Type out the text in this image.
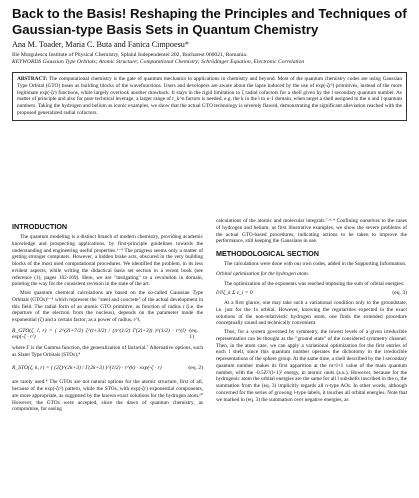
Back to the Basis! Reshaping the Principles and Techniques of Gaussian-type Basis Sets in Quantum Chemistry
Ana M. Toader, Maria C. Buta and Fanica Cimpoesu*
Ilie Murgulescu Institute of Physical Chemistry, Splaiul Independentei 202, Bucharest 060021, Romania.
KEYWORDS Gaussian Type Orbitals; Atomic Structure; Computational Chemistry; Schrödinger Equation, Electronic Correlation
ABSTRACT: The computational chemistry is the gate of quantum mechanics to applications in chemistry and beyond. Most of the quantum chemistry codes are using Gaussian Type Orbital (GTO) bases as building blocks of the wavefunctions. Users and developers are aware about the lapse induced by the use of exp(-ζr²) primitives, instead of the more legitimate exp(-ζr) functions, while largely overlook another drawback. It stays in the rigid limitation to ζ radial cofactors for a shell given by the l secondary quantum number. As matter of principle and also for pure technical leverage, a larger range of r_k^n factors is needed, e.g. the k in the l to n-1 domain, when target a shell assigned to the n and l quantum numbers. Taking the hydrogen and helium as iconic examples, we show that the actual GTO technology is severely flawed, demonstrating the significant alleviation reached with the proposed generalized radial cofactors.
INTRODUCTION
The quantum modeling is a distinct branch of modern chemistry, providing academic knowledge and prospecting applications, by first-principle guidelines towards the understanding and engineering useful properties.¹⁻⁴ The progress seems only a matter of getting stronger computers. However, a hidden brake acts, obscured in the very building blocks of the most used computational procedures. We identified the problem, in its less evident aspects, while writing the didactical basis set section in a recent book (see reference (1), pages 162-169). Here, we are "instigating" to a revolution in domain, pointing the way for the consistent revision in the state of the art.
Most quantum chemical calculations are based on the so-called Gaussian Type Orbitals (GTOs)⁵⁻⁸ which represent the "steel and concrete" of the actual development in this field. The radial form of an atomic GTO primitive, as function of radius r (i.e. the departure of the electron from the nucleus), depends on the parameter mode the exponential (ζ) and a certain factor, as a power of radius, r^l,
R_GTO(ζ, l, r) = ( 2^(2l+7/2) ζ^(l+3/2) / (π^(1/2) Γ(2l+3)) )^(1/2) · r^(l) · exp(-ζ · r²)
(eq. 1)
where Γ is the Gamma function, the generalization of factorial.⁷ Alternative options, such as Slater Type Orbitals (STOs),⁸
R_STO(ζ, k, r) = ( (2ζ)^(2k+3) / Γ(2k+3) )^(1/2) · r^(k) · exp(-ζ · r)	(eq. 2)
are rarely used.⁸ The GTOs are not natural options for the atomic structure, first of all, because of the exp(-ζr²) pattern, while the STOs, with exp(-ζr) exponential components, are more appropriate, as suggested by the known exact solutions for the hydrogen atom.¹⁰ However, the GTOs were accepted, since the dawn of quantum chemistry, as compromise, for easing
calculations of the atomic and molecular integrals.⁷·⁸·⁹ Confining ourselves to the cases of hydrogen and helium, as first illustrative examples, we show the severe problems of the actual GTO-based procedures, indicating actions to be taken to improve the performance, still keeping the Gaussians in use.
METHODOLOGICAL SECTION
The calculations were done with our own codes, added in the Supporting Information.
Orbital optimization for the hydrogen atom.
The optimization of the exponents was reached imposing the sum of orbital energies:
∂/∂ζ_k Σ ε_i = 0	(eq. 3)
At a first glance, one may take such a variational condition only to the groundstate, i.e. just for the 1s orbital. However, knowing the regularities expected in the exact solutions of the non-relativistic hydrogen atom, one finds the extended procedure conceptually sound and technically convenient.
Thus, for a system governed by symmetry, the lowest levels of a given irreducible representation can be thought as the "ground state" of the considered symmetry channel. Then, in the atom case, we can apply a variational optimization for the first entries of each l shell, since this quantum number operates the dichotomy in the irreducible representations of the sphere group. At the same time, a shell described by the l secondary quantum number makes its first apparition at the m=l+1 value of the main quantum number, with the -0.5Z²/(l+1)² energy, in atomic units (a.u.). However, because for the hydrogenic atom the orbital energies are the same for all l subshells inscribed in the n, the summation from the (eq. 3) implicitly regards all n-type AOs. In other words, although concerned for the series of growing l-type labels, it touches all orbital energies. Note that we marked in (eq. 3) the summation over negative energies, as
